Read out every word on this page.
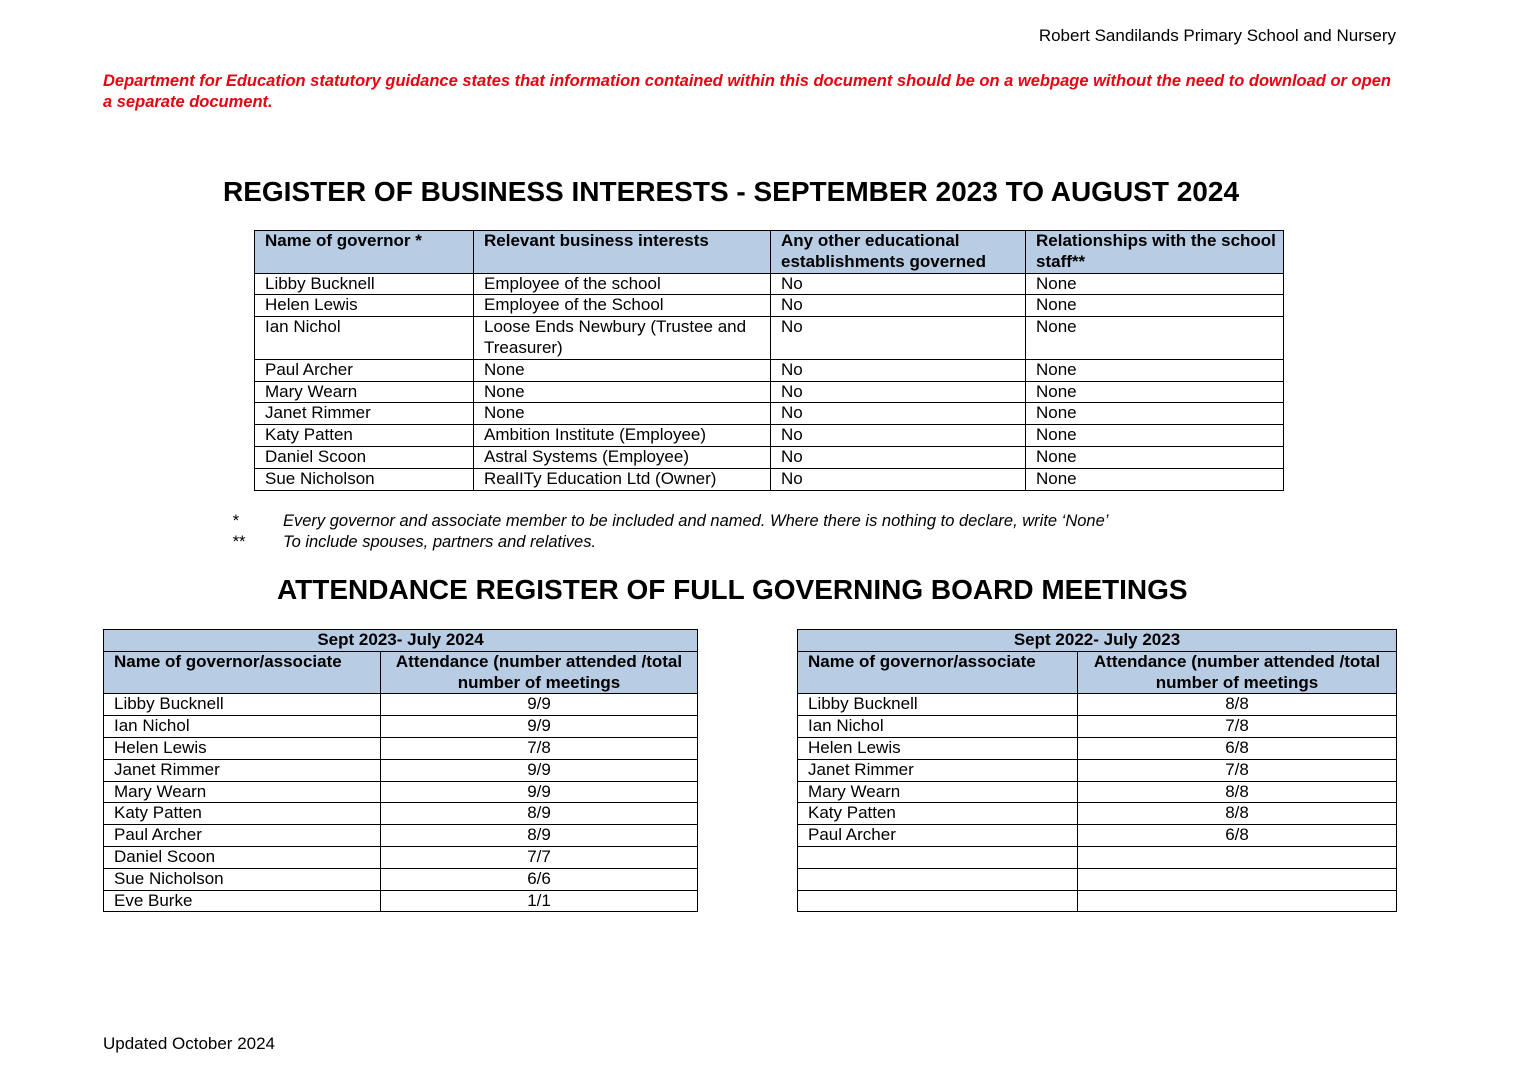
Robert Sandilands Primary School and Nursery
Department for Education statutory guidance states that information contained within this document should be on a webpage without the need to download or open a separate document.
REGISTER OF BUSINESS INTERESTS - SEPTEMBER 2023 TO AUGUST 2024
Name of governor *	Relevant business interests	Any other educational establishments governed	Relationships with the school staff**
Libby Bucknell	Employee of the school	No	None
Helen Lewis	Employee of the School	No	None
Ian Nichol	Loose Ends Newbury (Trustee and Treasurer)	No	None
Paul Archer	None	No	None
Mary Wearn	None	No	None
Janet Rimmer	None	No	None
Katy Patten	Ambition Institute (Employee)	No	None
Daniel Scoon	Astral Systems (Employee)	No	None
Sue Nicholson	RealITy Education Ltd (Owner)	No	None
*	Every governor and associate member to be included and named. Where there is nothing to declare, write ‘None’
**	To include spouses, partners and relatives.
ATTENDANCE REGISTER OF FULL GOVERNING BOARD MEETINGS
Sept 2023- July 2024	
Name of governor/associate	Attendance (number attended /total number of meetings
Libby Bucknell	9/9
Ian Nichol	9/9
Helen Lewis	7/8
Janet Rimmer	9/9
Mary Wearn	9/9
Katy Patten	8/9
Paul Archer	8/9
Daniel Scoon	7/7
Sue Nicholson	6/6
Eve Burke	1/1
Sept 2022- July 2023	
Name of governor/associate	Attendance (number attended /total number of meetings
Libby Bucknell	8/8
Ian Nichol	7/8
Helen Lewis	6/8
Janet Rimmer	7/8
Mary Wearn	8/8
Katy Patten	8/8
Paul Archer	6/8

Updated October 2024
